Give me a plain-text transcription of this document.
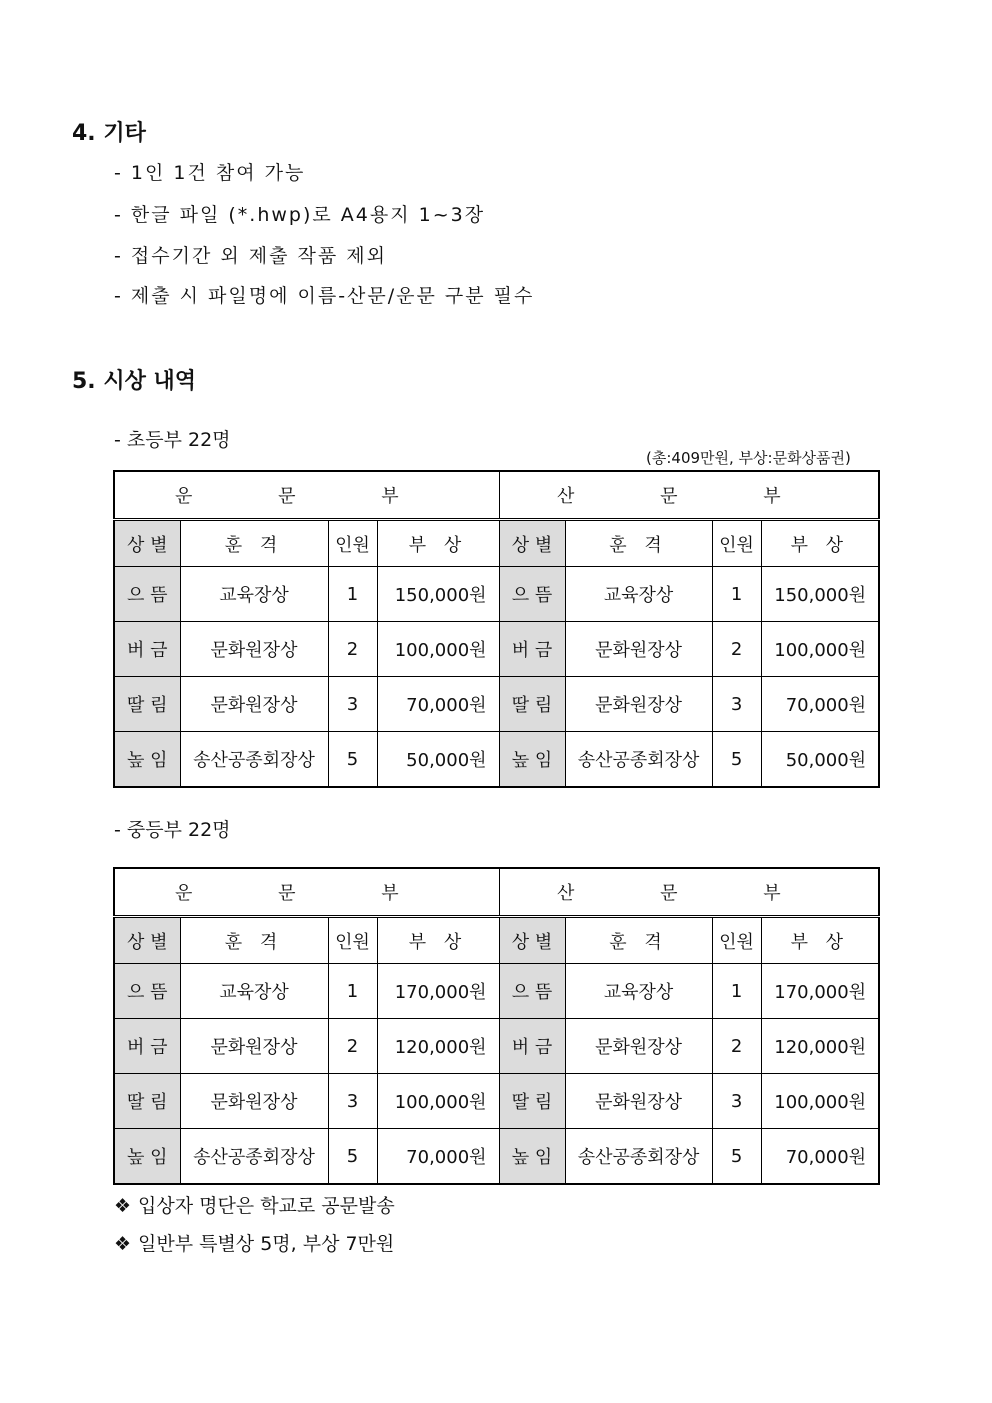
4. 기타
- 1인 1건 참여 가능
- 한글 파일 (*.hwp)로 A4용지 1~3장
- 접수기간 외 제출 작품 제외
- 제출 시 파일명에 이름-산문/운문 구분 필수
5. 시상 내역
- 초등부 22명
(총:409만원, 부상:문화상품권)
운 문 부				산 문 부			
상 별	훈 격	인원	부 상	상 별	훈 격	인원	부 상
으 뜸	교육장상	1	150,000원	으 뜸	교육장상	1	150,000원
버 금	문화원장상	2	100,000원	버 금	문화원장상	2	100,000원
딸 림	문화원장상	3	70,000원	딸 림	문화원장상	3	70,000원
높 임	송산공종회장상	5	50,000원	높 임	송산공종회장상	5	50,000원
- 중등부 22명
운 문 부				산 문 부			
상 별	훈 격	인원	부 상	상 별	훈 격	인원	부 상
으 뜸	교육장상	1	170,000원	으 뜸	교육장상	1	170,000원
버 금	문화원장상	2	120,000원	버 금	문화원장상	2	120,000원
딸 림	문화원장상	3	100,000원	딸 림	문화원장상	3	100,000원
높 임	송산공종회장상	5	70,000원	높 임	송산공종회장상	5	70,000원
❖ 입상자 명단은 학교로 공문발송
❖ 일반부 특별상 5명, 부상 7만원
